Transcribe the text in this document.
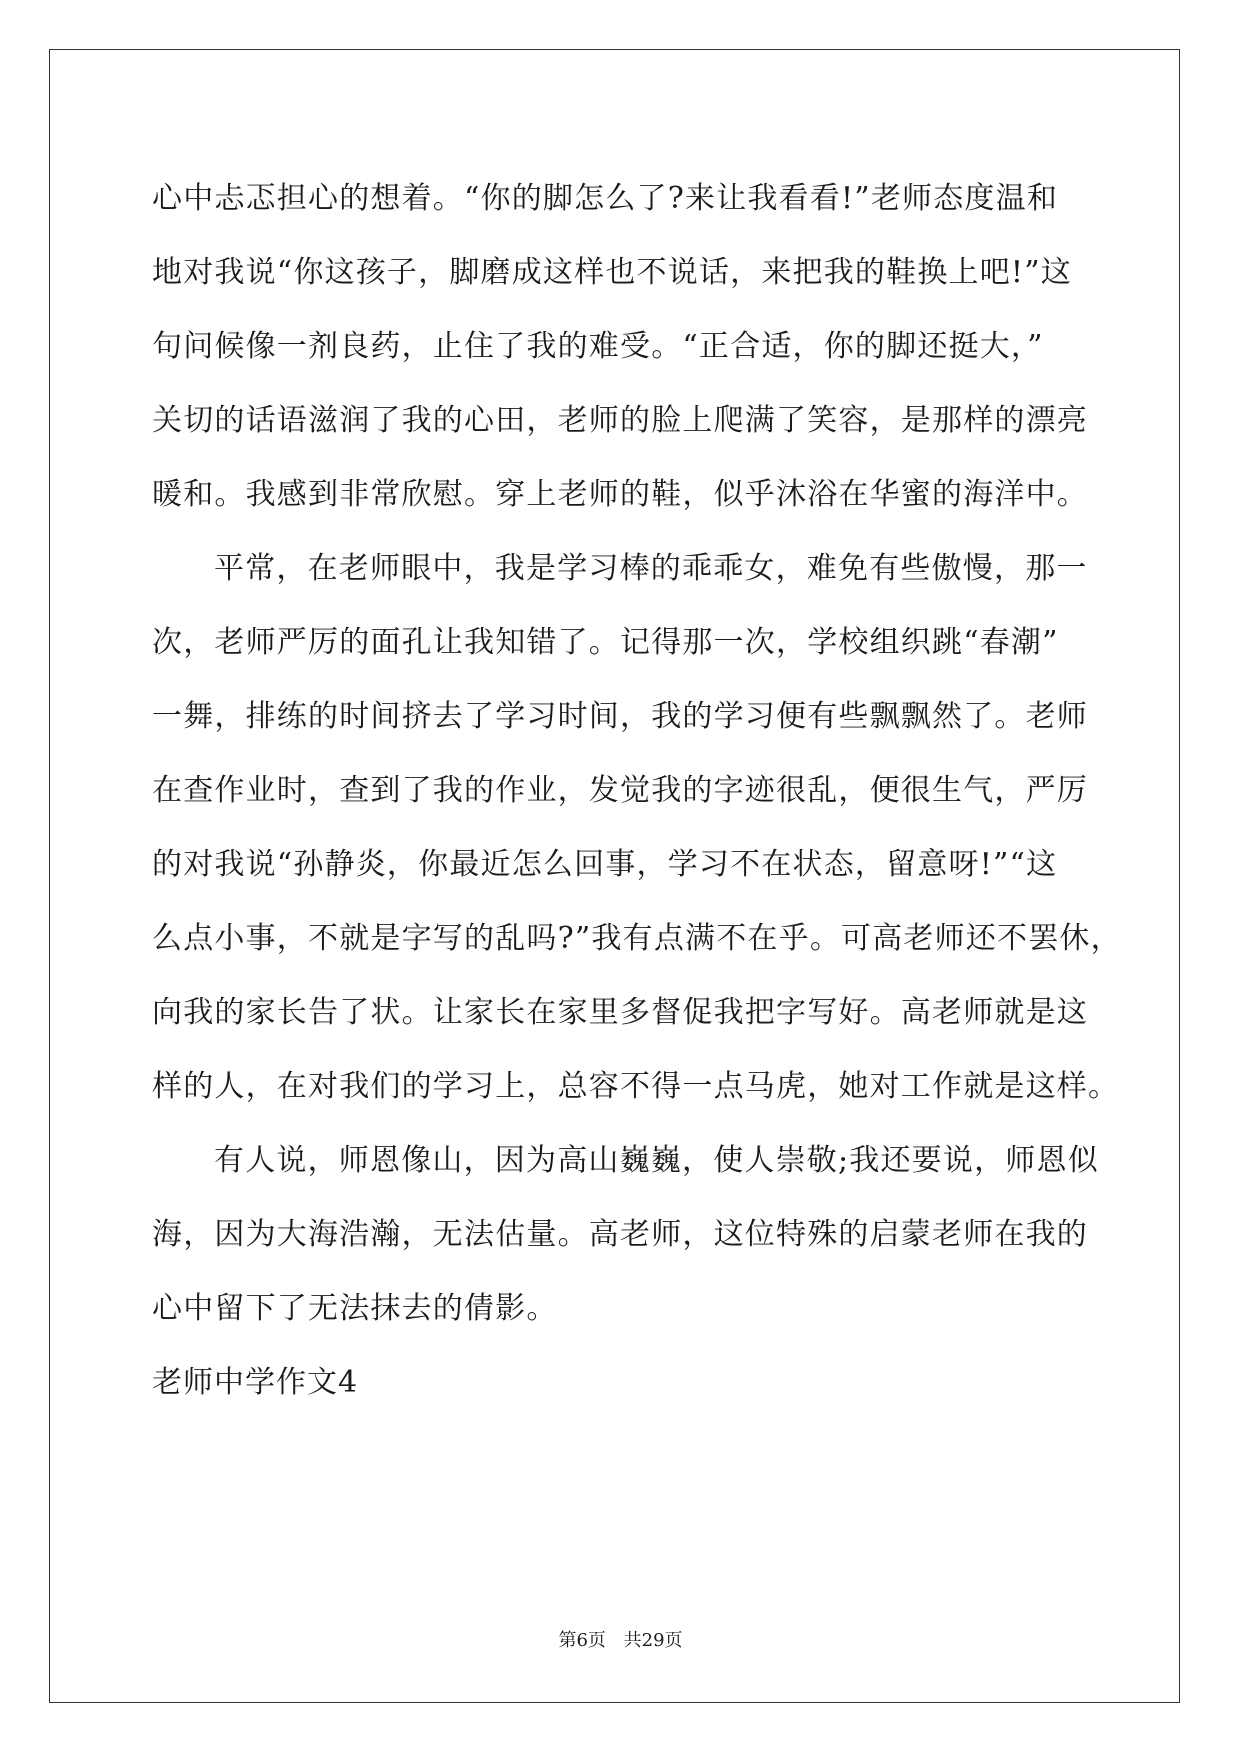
心中忐忑担心的想着。“你的脚怎么了?来让我看看!”老师态度温和
地对我说“你这孩子，脚磨成这样也不说话，来把我的鞋换上吧!”这
句问候像一剂良药，止住了我的难受。“正合适，你的脚还挺大，”
关切的话语滋润了我的心田，老师的脸上爬满了笑容，是那样的漂亮
暖和。我感到非常欣慰。穿上老师的鞋，似乎沐浴在华蜜的海洋中。
平常，在老师眼中，我是学习棒的乖乖女，难免有些傲慢，那一
次，老师严厉的面孔让我知错了。记得那一次，学校组织跳“春潮”
一舞，排练的时间挤去了学习时间，我的学习便有些飘飘然了。老师
在查作业时，查到了我的作业，发觉我的字迹很乱，便很生气，严厉
的对我说“孙静炎，你最近怎么回事，学习不在状态，留意呀!”“这
么点小事，不就是字写的乱吗?”我有点满不在乎。可高老师还不罢休，
向我的家长告了状。让家长在家里多督促我把字写好。高老师就是这
样的人，在对我们的学习上，总容不得一点马虎，她对工作就是这样。
有人说，师恩像山，因为高山巍巍，使人崇敬;我还要说，师恩似
海，因为大海浩瀚，无法估量。高老师，这位特殊的启蒙老师在我的
心中留下了无法抹去的倩影。
老师中学作文4
第6页 共29页
